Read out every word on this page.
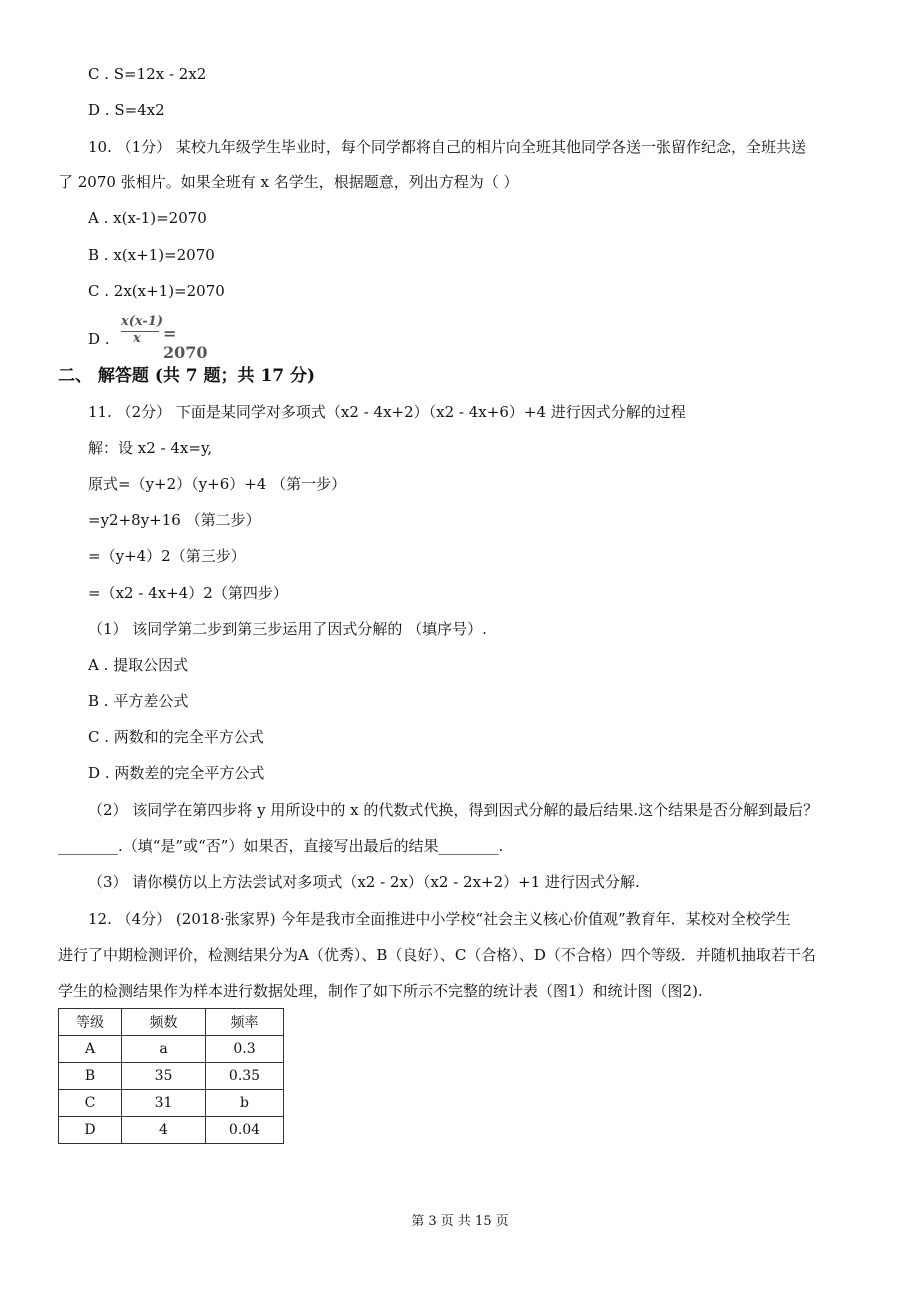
C . S=12x - 2x2
D . S=4x2
10. （1分） 某校九年级学生毕业时，每个同学都将自己的相片向全班其他同学各送一张留作纪念，全班共送
了 2070 张相片。如果全班有 x 名学生，根据题意，列出方程为（ ）
A . x(x-1)=2070
B . x(x+1)=2070
C . 2x(x+1)=2070
D .
x(x-1)
x = 2070
二、 解答题 (共 7 题；共 17 分)
11. （2分） 下面是某同学对多项式（x2 - 4x+2）（x2 - 4x+6）+4 进行因式分解的过程
解：设 x2 - 4x=y,
原式=（y+2）（y+6）+4 （第一步）
=y2+8y+16 （第二步）
=（y+4）2（第三步）
=（x2 - 4x+4）2（第四步）
（1） 该同学第二步到第三步运用了因式分解的 （填序号）.
A . 提取公因式
B . 平方差公式
C . 两数和的完全平方公式
D . 两数差的完全平方公式
（2） 该同学在第四步将 y 用所设中的 x 的代数式代换，得到因式分解的最后结果.这个结果是否分解到最后？
________.（填“是”或“否”）如果否，直接写出最后的结果________.
（3） 请你模仿以上方法尝试对多项式（x2 - 2x）（x2 - 2x+2）+1 进行因式分解.
12. （4分） (2018·张家界) 今年是我市全面推进中小学校“社会主义核心价值观”教育年．某校对全校学生
进行了中期检测评价，检测结果分为A（优秀）、B（良好）、C（合格）、D（不合格）四个等级．并随机抽取若干名
学生的检测结果作为样本进行数据处理，制作了如下所示不完整的统计表（图1）和统计图（图2).
等级	频数	频率
A	a	0.3
B	35	0.35
C	31	b
D	4	0.04
第 3 页 共 15 页
